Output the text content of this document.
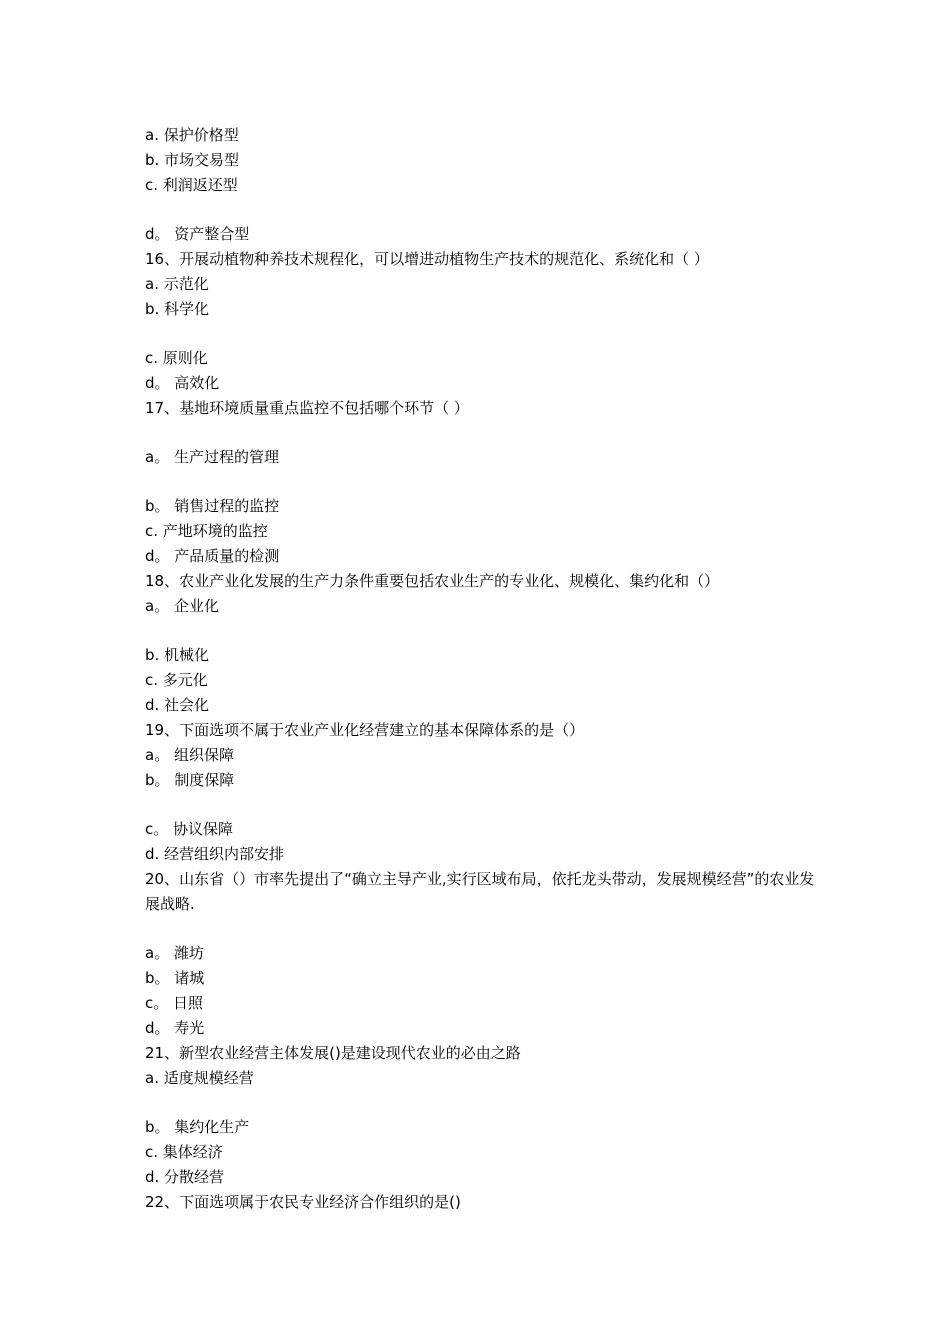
a. 保护价格型
b. 市场交易型
c. 利润返还型
d。 资产整合型
16、开展动植物种养技术规程化，可以增进动植物生产技术的规范化、系统化和（ ）
a. 示范化
b. 科学化
c. 原则化
d。 高效化
17、基地环境质量重点监控不包括哪个环节（ ）
a。 生产过程的管理
b。 销售过程的监控
c. 产地环境的监控
d。 产品质量的检测
18、农业产业化发展的生产力条件重要包括农业生产的专业化、规模化、集约化和（）
a。 企业化
b. 机械化
c. 多元化
d. 社会化
19、下面选项不属于农业产业化经营建立的基本保障体系的是（）
a。 组织保障
b。 制度保障
c。 协议保障
d. 经营组织内部安排
20、山东省（）市率先提出了“确立主导产业,实行区域布局，依托龙头带动，发展规模经营”的农业发展战略.
a。 潍坊
b。 诸城
c。 日照
d。 寿光
21、新型农业经营主体发展()是建设现代农业的必由之路
a. 适度规模经营
b。 集约化生产
c. 集体经济
d. 分散经营
22、下面选项属于农民专业经济合作组织的是()
